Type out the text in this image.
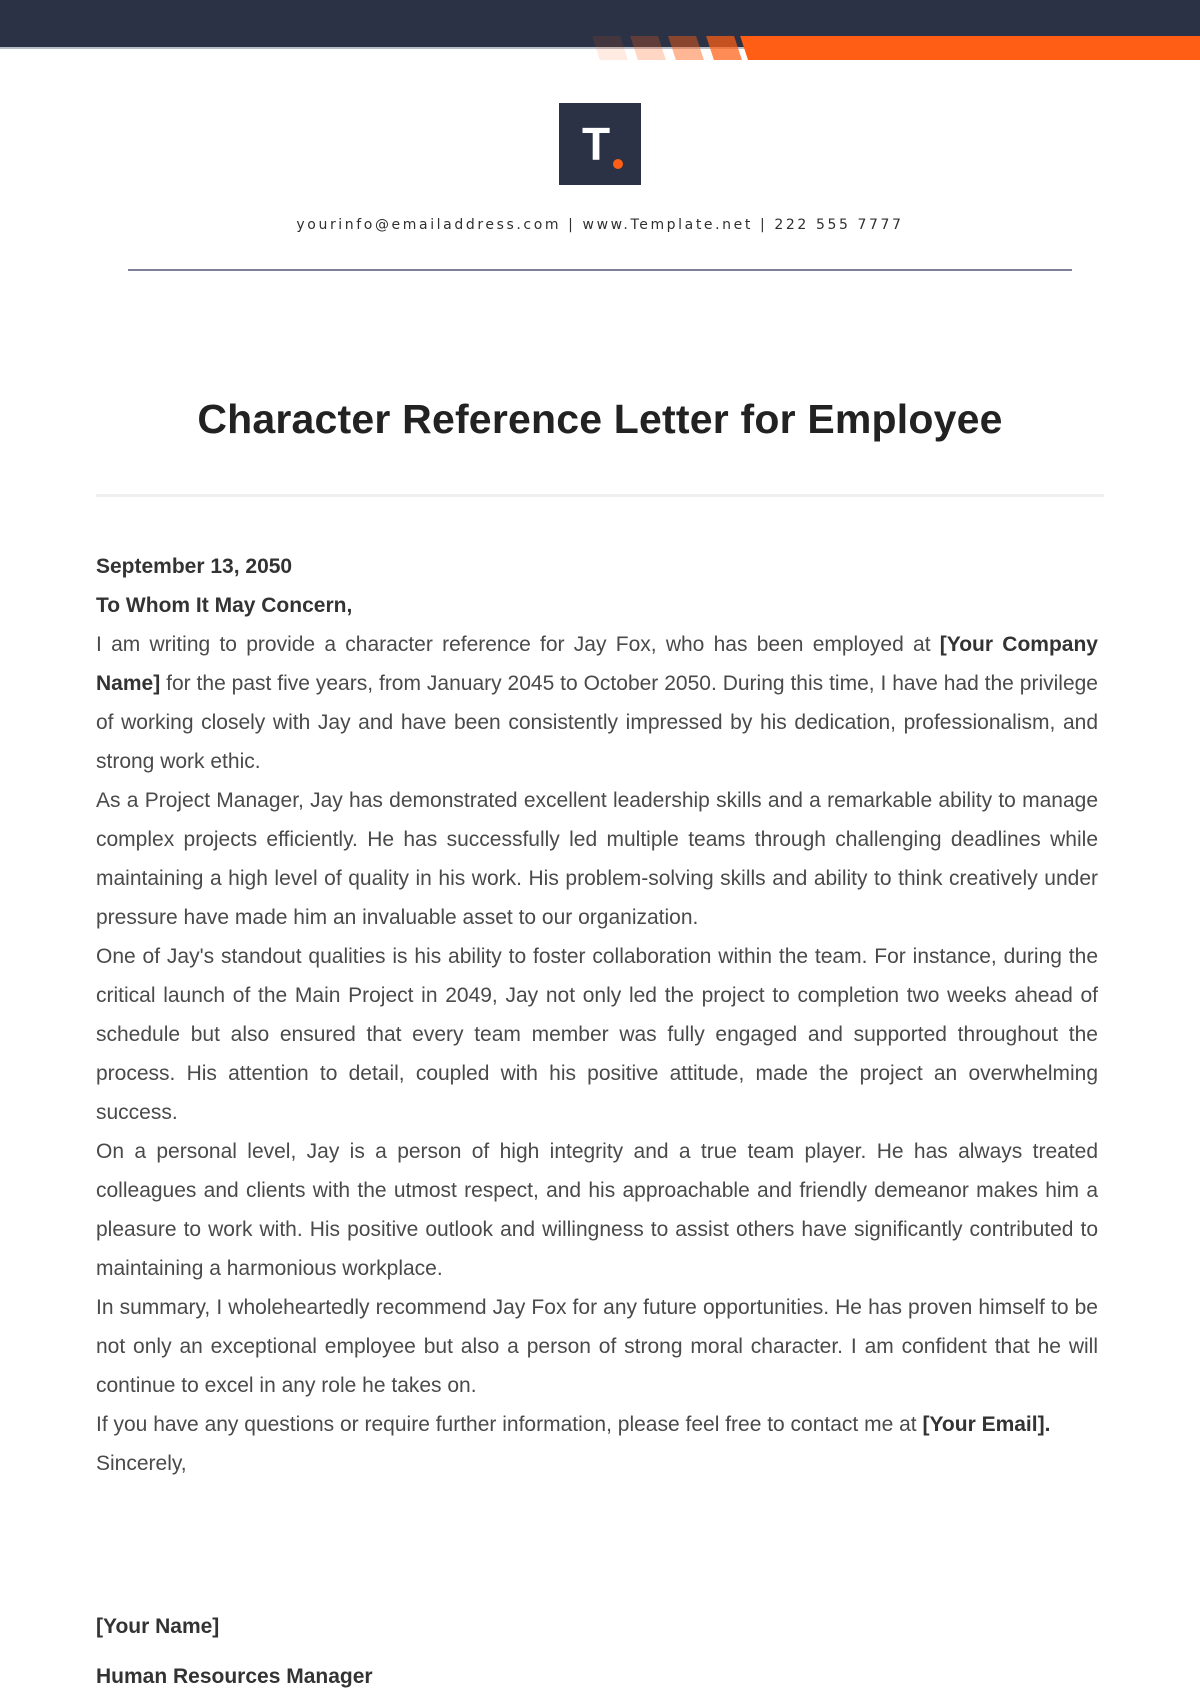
T
yourinfo@emailaddress.com | www.Template.net | 222 555 7777
Character Reference Letter for Employee

September 13, 2050

To Whom It May Concern,

I am writing to provide a character reference for Jay Fox, who has been employed at [Your Company Name] for the past five years, from January 2045 to October 2050. During this time, I have had the privilege of working closely with Jay and have been consistently impressed by his dedication, professionalism, and strong work ethic.

As a Project Manager, Jay has demonstrated excellent leadership skills and a remarkable ability to manage complex projects efficiently. He has successfully led multiple teams through challenging deadlines while maintaining a high level of quality in his work. His problem-solving skills and ability to think creatively under pressure have made him an invaluable asset to our organization.

One of Jay's standout qualities is his ability to foster collaboration within the team. For instance, during the critical launch of the Main Project in 2049, Jay not only led the project to completion two weeks ahead of schedule but also ensured that every team member was fully engaged and supported throughout the process. His attention to detail, coupled with his positive attitude, made the project an overwhelming success.

On a personal level, Jay is a person of high integrity and a true team player. He has always treated colleagues and clients with the utmost respect, and his approachable and friendly demeanor makes him a pleasure to work with. His positive outlook and willingness to assist others have significantly contributed to maintaining a harmonious workplace.

In summary, I wholeheartedly recommend Jay Fox for any future opportunities. He has proven himself to be not only an exceptional employee but also a person of strong moral character. I am confident that he will continue to excel in any role he takes on.

If you have any questions or require further information, please feel free to contact me at [Your Email].

Sincerely,

[Your Name]
Human Resources Manager
